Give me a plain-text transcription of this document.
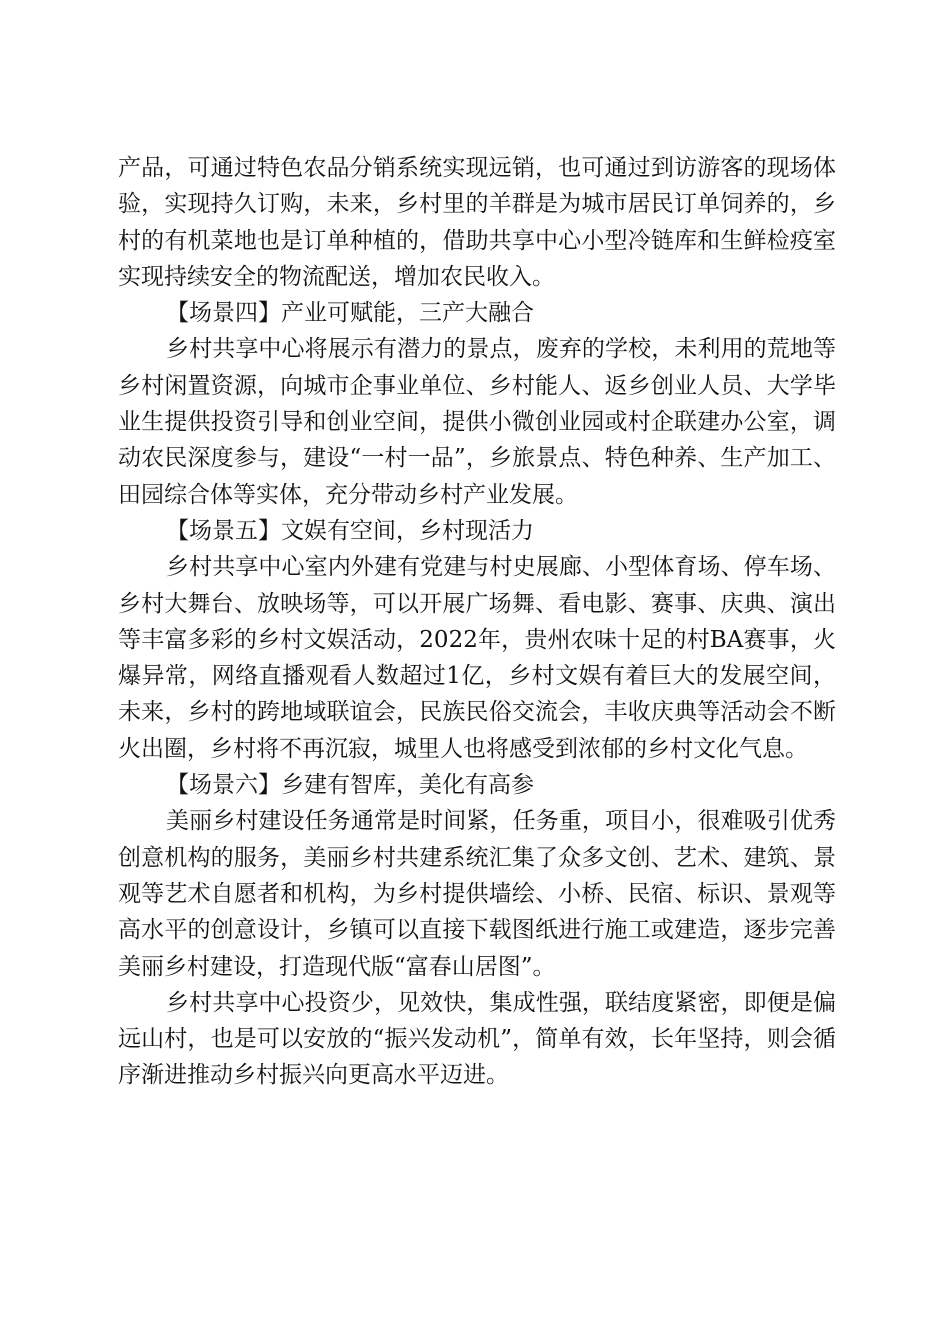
产品，可通过特色农品分销系统实现远销，也可通过到访游客的现场体验，实现持久订购，未来，乡村里的羊群是为城市居民订单饲养的，乡村的有机菜地也是订单种植的，借助共享中心小型冷链库和生鲜检疫室实现持续安全的物流配送，增加农民收入。

【场景四】产业可赋能，三产大融合

乡村共享中心将展示有潜力的景点，废弃的学校，未利用的荒地等乡村闲置资源，向城市企事业单位、乡村能人、返乡创业人员、大学毕业生提供投资引导和创业空间，提供小微创业园或村企联建办公室，调动农民深度参与，建设“一村一品”，乡旅景点、特色种养、生产加工、田园综合体等实体，充分带动乡村产业发展。

【场景五】文娱有空间，乡村现活力

乡村共享中心室内外建有党建与村史展廊、小型体育场、停车场、乡村大舞台、放映场等，可以开展广场舞、看电影、赛事、庆典、演出等丰富多彩的乡村文娱活动，2022年，贵州农味十足的村BA赛事，火爆异常，网络直播观看人数超过1亿，乡村文娱有着巨大的发展空间，未来，乡村的跨地域联谊会，民族民俗交流会，丰收庆典等活动会不断火出圈，乡村将不再沉寂，城里人也将感受到浓郁的乡村文化气息。

【场景六】乡建有智库，美化有高参

美丽乡村建设任务通常是时间紧，任务重，项目小，很难吸引优秀创意机构的服务，美丽乡村共建系统汇集了众多文创、艺术、建筑、景观等艺术自愿者和机构，为乡村提供墙绘、小桥、民宿、标识、景观等高水平的创意设计，乡镇可以直接下载图纸进行施工或建造，逐步完善美丽乡村建设，打造现代版“富春山居图”。

乡村共享中心投资少，见效快，集成性强，联结度紧密，即便是偏远山村，也是可以安放的“振兴发动机”，简单有效，长年坚持，则会循序渐进推动乡村振兴向更高水平迈进。
